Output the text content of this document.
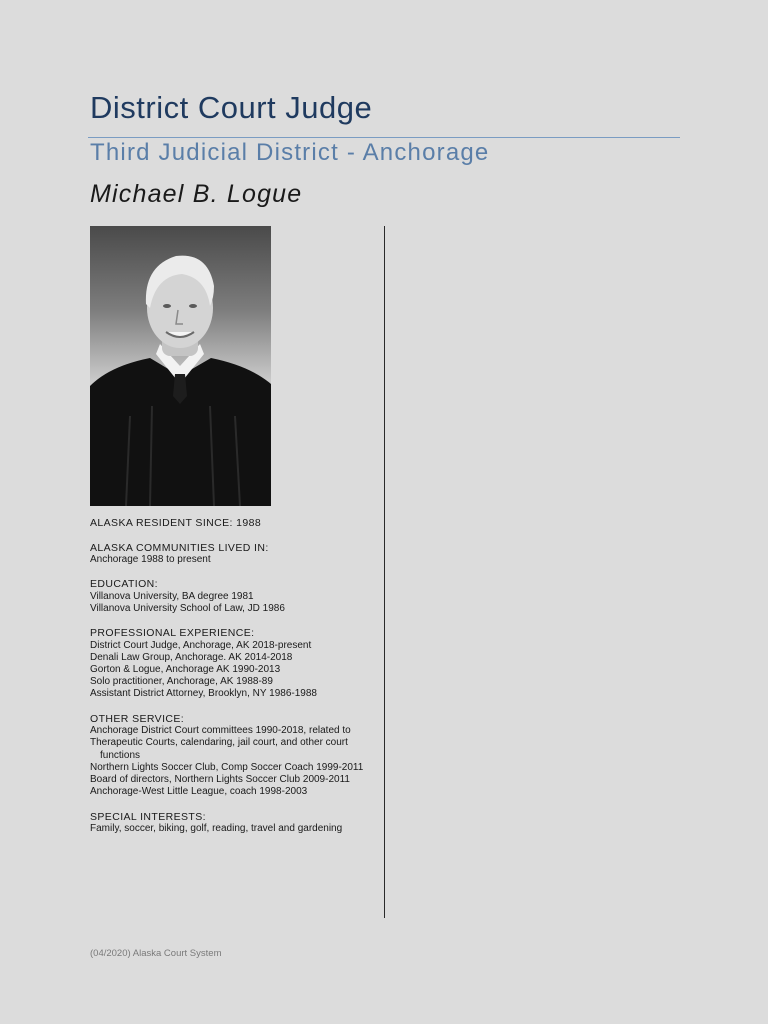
District Court Judge
Third Judicial District - Anchorage
Michael B. Logue
ALASKA RESIDENT SINCE: 1988
ALASKA COMMUNITIES LIVED IN:
Anchorage 1988 to present
EDUCATION:
Villanova University, BA degree 1981
Villanova University School of Law, JD 1986
PROFESSIONAL EXPERIENCE:
District Court Judge, Anchorage, AK 2018-present
Denali Law Group, Anchorage. AK 2014-2018
Gorton & Logue, Anchorage AK 1990-2013
Solo practitioner, Anchorage, AK 1988-89
Assistant District Attorney, Brooklyn, NY 1986-1988
OTHER SERVICE:
Anchorage District Court committees 1990-2018, related to
Therapeutic Courts, calendaring, jail court, and other court
functions
Northern Lights Soccer Club, Comp Soccer Coach 1999-2011
Board of directors, Northern Lights Soccer Club 2009-2011
Anchorage-West Little League, coach 1998-2003
SPECIAL INTERESTS:
Family, soccer, biking, golf, reading, travel and gardening
(04/2020) Alaska Court System
